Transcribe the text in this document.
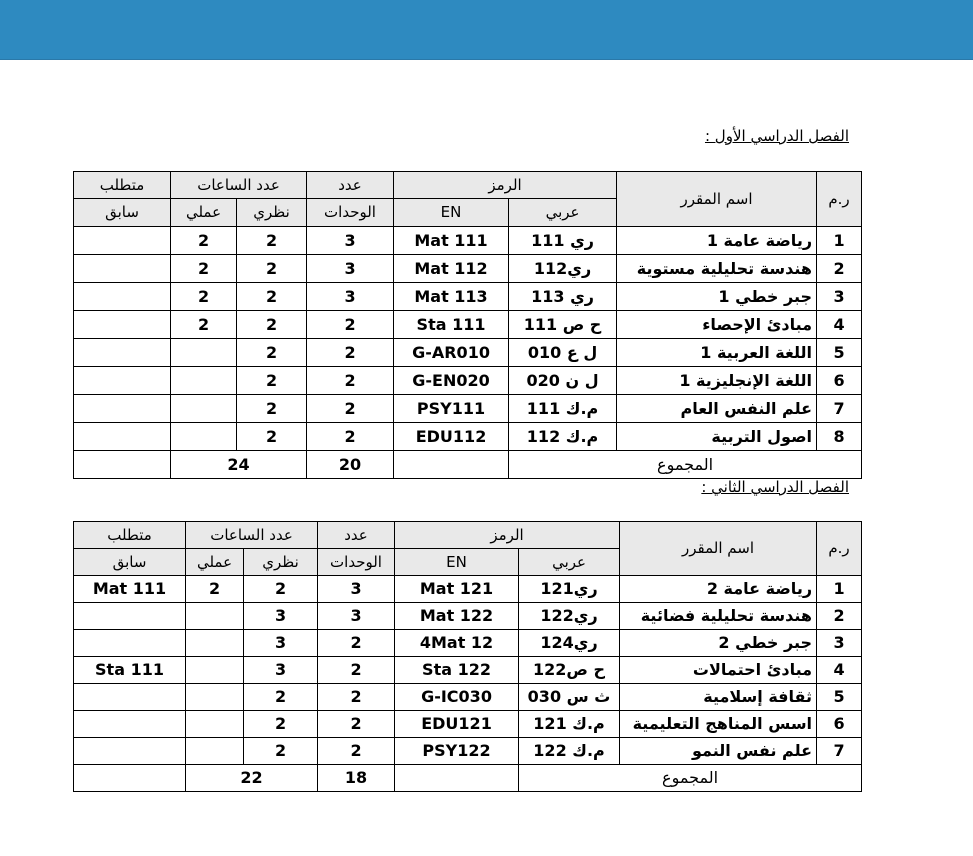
الفصل الدراسي الأول :
ر.م	اسم المقرر	الرمز		عدد	عدد الساعات		متطلب
		عربي	EN	الوحدات	نظري	عملي	سابق
1	رياضة عامة 1	ري 111	Mat 111	3	2	2	
2	هندسة تحليلية مستوية	ري112	Mat 112	3	2	2	
3	جبر خطي 1	ري 113	Mat 113	3	2	2	
4	مبادئ الإحصاء	ح ص 111	Sta 111	2	2	2	
5	اللغة العربية 1	ل ع 010	G-AR010	2	2		
6	اللغة الإنجليزية 1	ل ن 020	G-EN020	2	2		
7	علم النفس العام	م.ك 111	PSY111	2	2		
8	اصول التربية	م.ك 112	EDU112	2	2		
المجموع				20	24		
الفصل الدراسي الثاني :
ر.م	اسم المقرر	الرمز		عدد	عدد الساعات		متطلب
		عربي	EN	الوحدات	نظري	عملي	سابق
1	رياضة عامة 2	ري121	Mat 121	3	2	2	Mat 111
2	هندسة تحليلية فضائية	ري122	Mat 122	3	3		
3	جبر خطي 2	ري124	4Mat 12	2	3		
4	مبادئ احتمالات	ح ص122	Sta 122	2	3		Sta 111
5	ثقافة إسلامية	ث س 030	G-IC030	2	2		
6	اسس المناهج التعليمية	م.ك 121	EDU121	2	2		
7	علم نفس النمو	م.ك 122	PSY122	2	2		
المجموع				18	22		
